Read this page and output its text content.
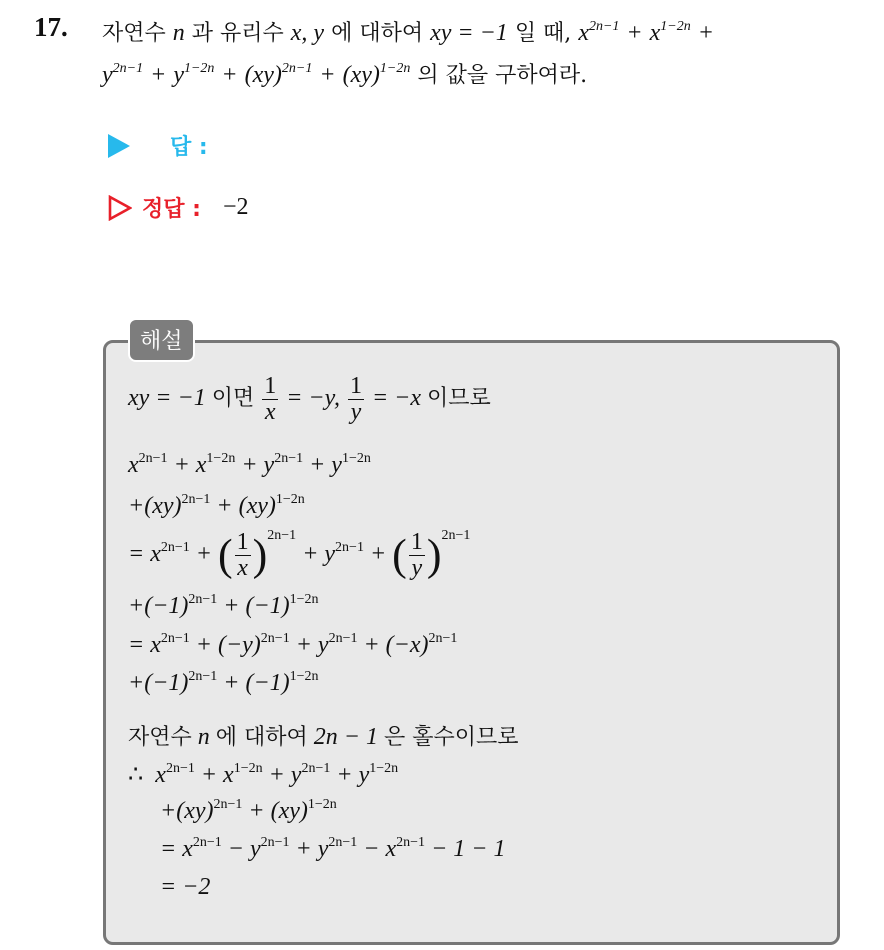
17. 자연수 n 과 유리수 x, y 에 대하여 xy = −1 일 때, $x^{2n-1} + x^{1-2n}$ +
$y^{2n-1} + y^{1-2n} + (xy)^{2n-1} + (xy)^{1-2n}$ 의 값을 구하여라.
답 :
정답 : −2
해설
xy = −1 이면 $\frac{1}{x} = -y$, $\frac{1}{y} = -x$ 이므로
$x^{2n-1} + x^{1-2n} + y^{2n-1} + y^{1-2n}$
+(xy)$^{2n-1}$ + (xy)$^{1-2n}$
= $x^{2n-1}$ + ( $\frac{1}{x} )^{2n-1} + y^{2n-1}$ + ( $\frac{1}{y} )^{2n-1}$
$+(-1)^{2n-1} + (-1)^{1-2n}$
= $x^{2n-1} + (-y)^{2n-1} + y^{2n-1} + (-x)^{2n-1}$
$+(-1)^{2n-1} + (-1)^{1-2n}$
자연수 n 에 대하여 2n − 1 은 홀수이므로
∴ $x^{2n-1} + x^{1-2n} + y^{2n-1} + y^{1-2n}$
+(xy)$^{2n-1}$ + (xy)$^{1-2n}$
= $x^{2n-1} - y^{2n-1} + y^{2n-1} - x^{2n-1} - 1 - 1$
= −2
